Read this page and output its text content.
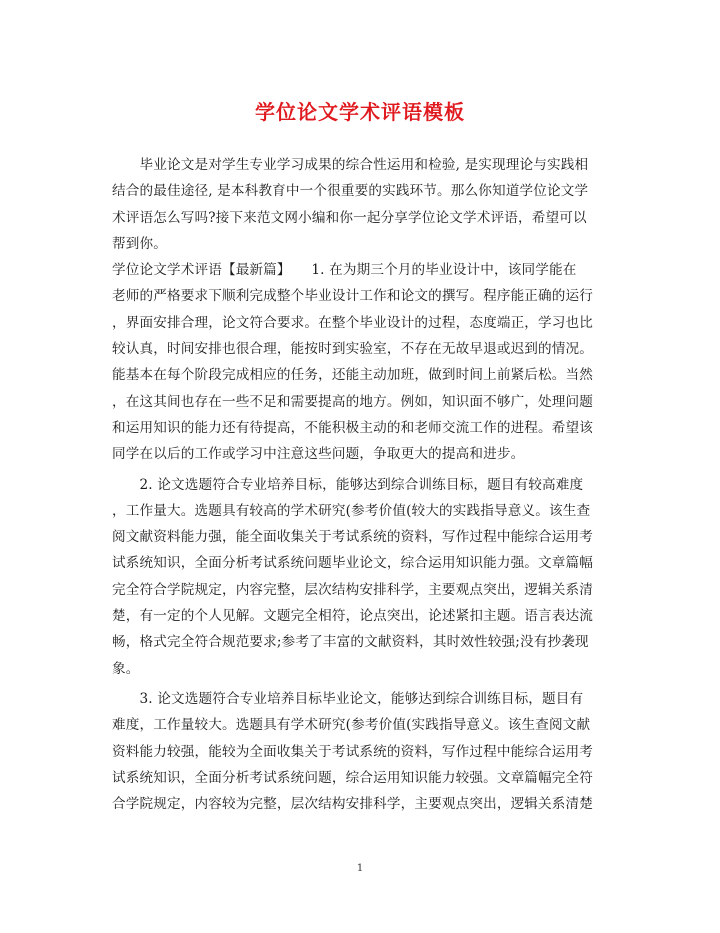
学位论文学术评语模板
　　毕业论文是对学生专业学习成果的综合性运用和检验, 是实现理论与实践相
结合的最佳途径, 是本科教育中一个很重要的实践环节。那么你知道学位论文学
术评语怎么写吗?接下来范文网小编和你一起分享学位论文学术评语，希望可以
帮到你。
学位论文学术评语【最新篇】　　1. 在为期三个月的毕业设计中，该同学能在
老师的严格要求下顺利完成整个毕业设计工作和论文的撰写。程序能正确的运行
，界面安排合理，论文符合要求。在整个毕业设计的过程，态度端正，学习也比
较认真，时间安排也很合理，能按时到实验室，不存在无故早退或迟到的情况。
能基本在每个阶段完成相应的任务，还能主动加班，做到时间上前紧后松。当然
，在这其间也存在一些不足和需要提高的地方。例如，知识面不够广，处理问题
和运用知识的能力还有待提高，不能积极主动的和老师交流工作的进程。希望该
同学在以后的工作或学习中注意这些问题，争取更大的提高和进步。
　　2. 论文选题符合专业培养目标，能够达到综合训练目标，题目有较高难度
，工作量大。选题具有较高的学术研究(参考价值(较大的实践指导意义。该生查
阅文献资料能力强，能全面收集关于考试系统的资料，写作过程中能综合运用考
试系统知识，全面分析考试系统问题毕业论文，综合运用知识能力强。文章篇幅
完全符合学院规定，内容完整，层次结构安排科学，主要观点突出，逻辑关系清
楚，有一定的个人见解。文题完全相符，论点突出，论述紧扣主题。语言表达流
畅，格式完全符合规范要求;参考了丰富的文献资料，其时效性较强;没有抄袭现
象。
　　3. 论文选题符合专业培养目标毕业论文，能够达到综合训练目标，题目有
难度，工作量较大。选题具有学术研究(参考价值(实践指导意义。该生查阅文献
资料能力较强，能较为全面收集关于考试系统的资料，写作过程中能综合运用考
试系统知识，全面分析考试系统问题，综合运用知识能力较强。文章篇幅完全符
合学院规定，内容较为完整，层次结构安排科学，主要观点突出，逻辑关系清楚
1
